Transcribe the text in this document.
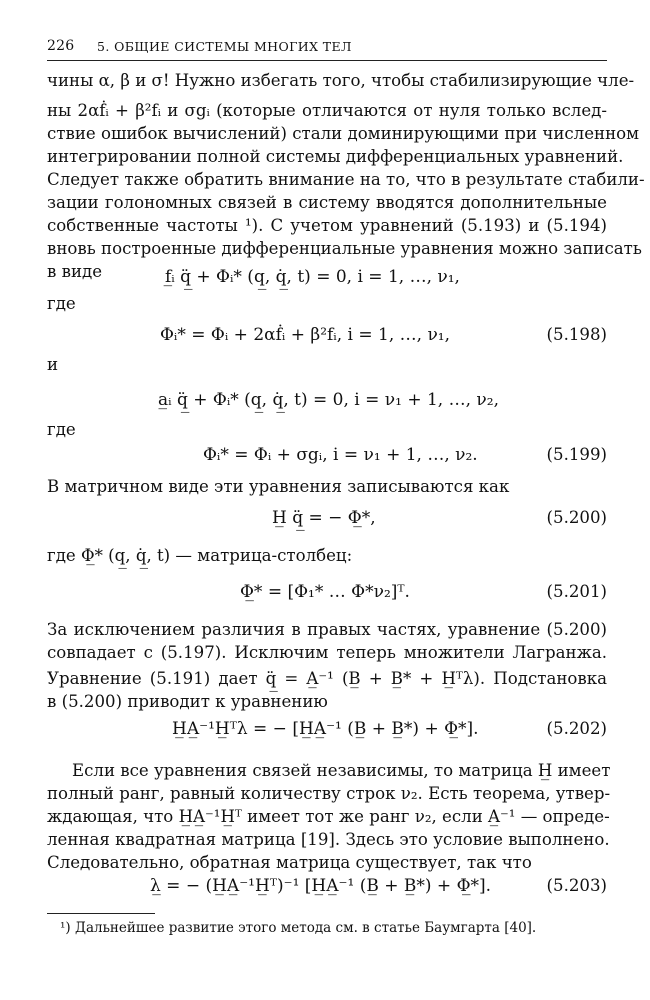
226 5. ОБЩИЕ СИСТЕМЫ МНОГИХ ТЕЛ
чины α, β и σ! Нужно избегать того, чтобы стабилизирующие чле-
ны 2αḟᵢ + β²fᵢ и σgᵢ (которые отличаются от нуля только вслед-
ствие ошибок вычислений) стали доминирующими при численном
интегрировании полной системы дифференциальных уравнений.
Следует также обратить внимание на то, что в результате стабили-
зации голономных связей в систему вводятся дополнительные
собственные частоты ¹). С учетом уравнений (5.193) и (5.194)
вновь построенные дифференциальные уравнения можно записать
в виде	f̲ᵢ q̲̈ + Φᵢ* (q̲, q̲̇, t) = 0, i = 1, …, ν₁,
где
Φᵢ* = Φᵢ + 2αḟᵢ + β²fᵢ, i = 1, …, ν₁,	(5.198)
и
a̲ᵢ q̲̈ + Φᵢ* (q̲, q̲̇, t) = 0, i = ν₁ + 1, …, ν₂,
где
Φᵢ* = Φᵢ + σgᵢ, i = ν₁ + 1, …, ν₂.	(5.199)
В матричном виде эти уравнения записываются как
H̲ q̲̈ = − Φ̲*,	(5.200)
где Φ̲* (q̲, q̲̇, t) — матрица-столбец:
Φ̲* = [Φ₁* … Φ*ν₂]ᵀ.	(5.201)
За исключением различия в правых частях, уравнение (5.200)
совпадает с (5.197). Исключим теперь множители Лагранжа.
Уравнение (5.191) дает q̲̈ = A̲⁻¹ (B̲ + B̲* + H̲ᵀλ). Подстановка
в (5.200) приводит к уравнению
H̲A̲⁻¹H̲ᵀλ = − [H̲A̲⁻¹ (B̲ + B̲*) + Φ̲*].	(5.202)
Если все уравнения связей независимы, то матрица H̲ имеет
полный ранг, равный количеству строк ν₂. Есть теорема, утвер-
ждающая, что H̲A̲⁻¹H̲ᵀ имеет тот же ранг ν₂, если A̲⁻¹ — опреде-
ленная квадратная матрица [19]. Здесь это условие выполнено.
Следовательно, обратная матрица существует, так что
λ̲ = − (H̲A̲⁻¹H̲ᵀ)⁻¹ [H̲A̲⁻¹ (B̲ + B̲*) + Φ̲*].	(5.203)
¹) Дальнейшее развитие этого метода см. в статье Баумгарта [40].
